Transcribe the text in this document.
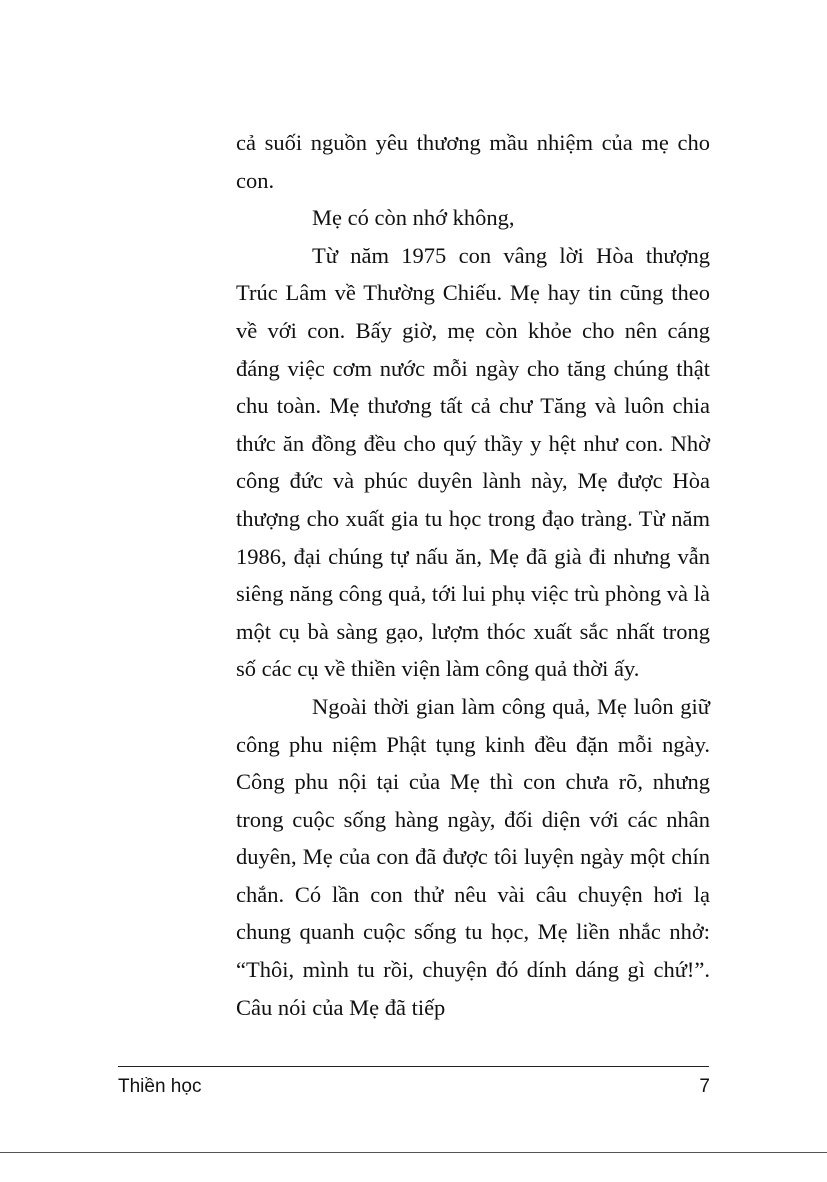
cả suối nguồn yêu thương mầu nhiệm của mẹ cho con.

Mẹ có còn nhớ không,

Từ năm 1975 con vâng lời Hòa thượng Trúc Lâm về Thường Chiếu. Mẹ hay tin cũng theo về với con. Bấy giờ, mẹ còn khỏe cho nên cáng đáng việc cơm nước mỗi ngày cho tăng chúng thật chu toàn. Mẹ thương tất cả chư Tăng và luôn chia thức ăn đồng đều cho quý thầy y hệt như con. Nhờ công đức và phúc duyên lành này, Mẹ được Hòa thượng cho xuất gia tu học trong đạo tràng. Từ năm 1986, đại chúng tự nấu ăn, Mẹ đã già đi nhưng vẫn siêng năng công quả, tới lui phụ việc trù phòng và là một cụ bà sàng gạo, lượm thóc xuất sắc nhất trong số các cụ về thiền viện làm công quả thời ấy.

Ngoài thời gian làm công quả, Mẹ luôn giữ công phu niệm Phật tụng kinh đều đặn mỗi ngày. Công phu nội tại của Mẹ thì con chưa rõ, nhưng trong cuộc sống hàng ngày, đối diện với các nhân duyên, Mẹ của con đã được tôi luyện ngày một chín chắn. Có lần con thử nêu vài câu chuyện hơi lạ chung quanh cuộc sống tu học, Mẹ liền nhắc nhở: “Thôi, mình tu rồi, chuyện đó dính dáng gì chứ!”. Câu nói của Mẹ đã tiếp

Thiền học	7
